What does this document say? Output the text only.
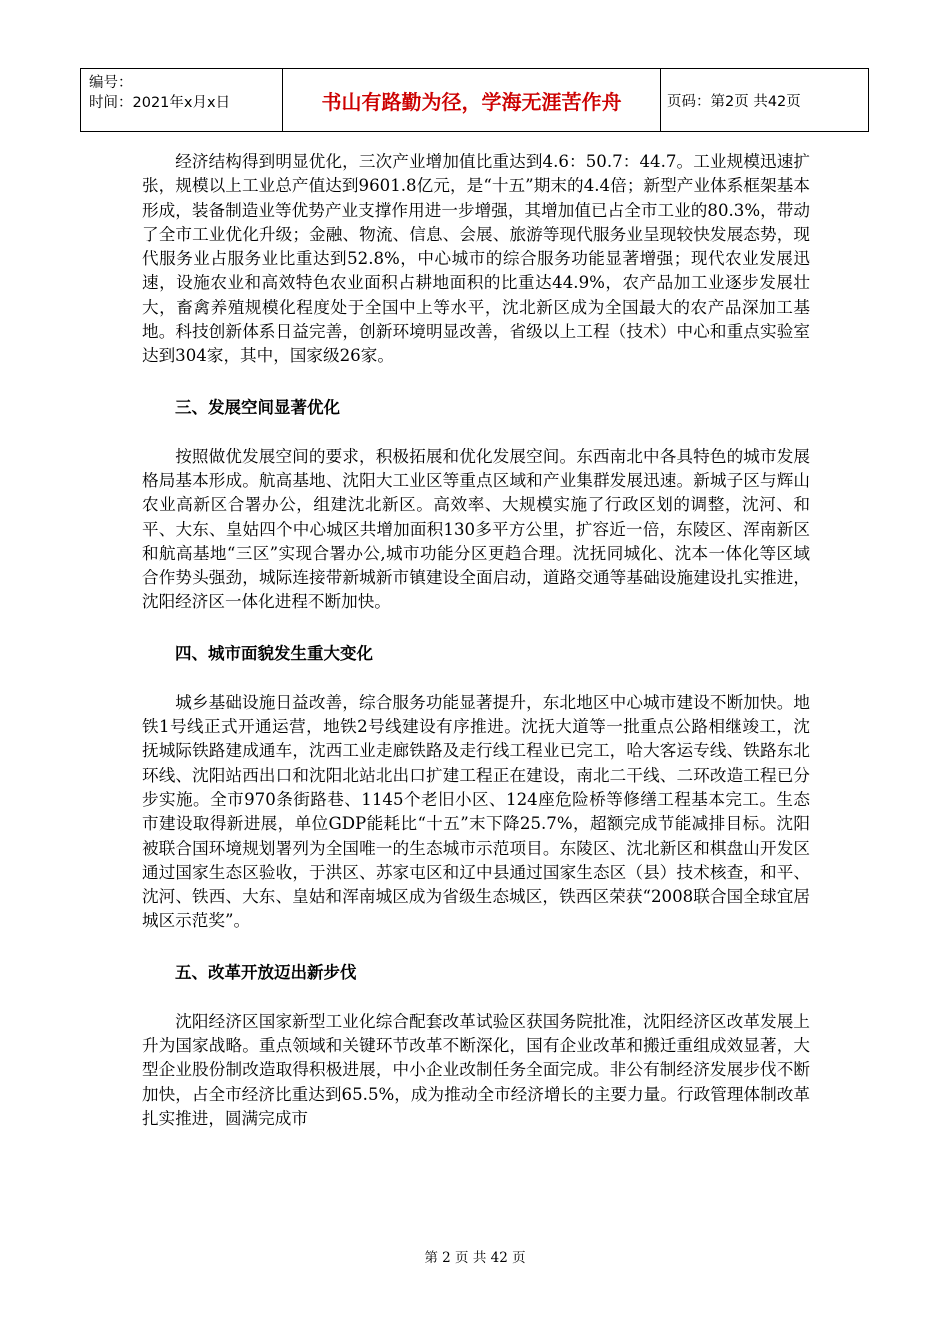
编号：
时间：2021年x月x日	书山有路勤为径，学海无涯苦作舟	页码：第2页 共42页

经济结构得到明显优化，三次产业增加值比重达到4.6：50.7：44.7。工业规模迅速扩张，规模以上工业总产值达到9601.8亿元，是“十五”期末的4.4倍；新型产业体系框架基本形成，装备制造业等优势产业支撑作用进一步增强，其增加值已占全市工业的80.3%，带动了全市工业优化升级；金融、物流、信息、会展、旅游等现代服务业呈现较快发展态势，现代服务业占服务业比重达到52.8%，中心城市的综合服务功能显著增强；现代农业发展迅速，设施农业和高效特色农业面积占耕地面积的比重达44.9%，农产品加工业逐步发展壮大，畜禽养殖规模化程度处于全国中上等水平，沈北新区成为全国最大的农产品深加工基地。科技创新体系日益完善，创新环境明显改善，省级以上工程（技术）中心和重点实验室达到304家，其中，国家级26家。

三、发展空间显著优化

按照做优发展空间的要求，积极拓展和优化发展空间。东西南北中各具特色的城市发展格局基本形成。航高基地、沈阳大工业区等重点区域和产业集群发展迅速。新城子区与辉山农业高新区合署办公，组建沈北新区。高效率、大规模实施了行政区划的调整，沈河、和平、大东、皇姑四个中心城区共增加面积130多平方公里，扩容近一倍，东陵区、浑南新区和航高基地“三区”实现合署办公,城市功能分区更趋合理。沈抚同城化、沈本一体化等区域合作势头强劲，城际连接带新城新市镇建设全面启动，道路交通等基础设施建设扎实推进，沈阳经济区一体化进程不断加快。

四、城市面貌发生重大变化

城乡基础设施日益改善，综合服务功能显著提升，东北地区中心城市建设不断加快。地铁1号线正式开通运营，地铁2号线建设有序推进。沈抚大道等一批重点公路相继竣工，沈抚城际铁路建成通车，沈西工业走廊铁路及走行线工程业已完工，哈大客运专线、铁路东北环线、沈阳站西出口和沈阳北站北出口扩建工程正在建设，南北二干线、二环改造工程已分步实施。全市970条街路巷、1145个老旧小区、124座危险桥等修缮工程基本完工。生态市建设取得新进展，单位GDP能耗比“十五”末下降25.7%，超额完成节能减排目标。沈阳被联合国环境规划署列为全国唯一的生态城市示范项目。东陵区、沈北新区和棋盘山开发区通过国家生态区验收，于洪区、苏家屯区和辽中县通过国家生态区（县）技术核查，和平、沈河、铁西、大东、皇姑和浑南城区成为省级生态城区，铁西区荣获“2008联合国全球宜居城区示范奖”。

五、改革开放迈出新步伐

沈阳经济区国家新型工业化综合配套改革试验区获国务院批准，沈阳经济区改革发展上升为国家战略。重点领域和关键环节改革不断深化，国有企业改革和搬迁重组成效显著，大型企业股份制改造取得积极进展，中小企业改制任务全面完成。非公有制经济发展步伐不断加快，占全市经济比重达到65.5%，成为推动全市经济增长的主要力量。行政管理体制改革扎实推进，圆满完成市

第 2 页 共 42 页
